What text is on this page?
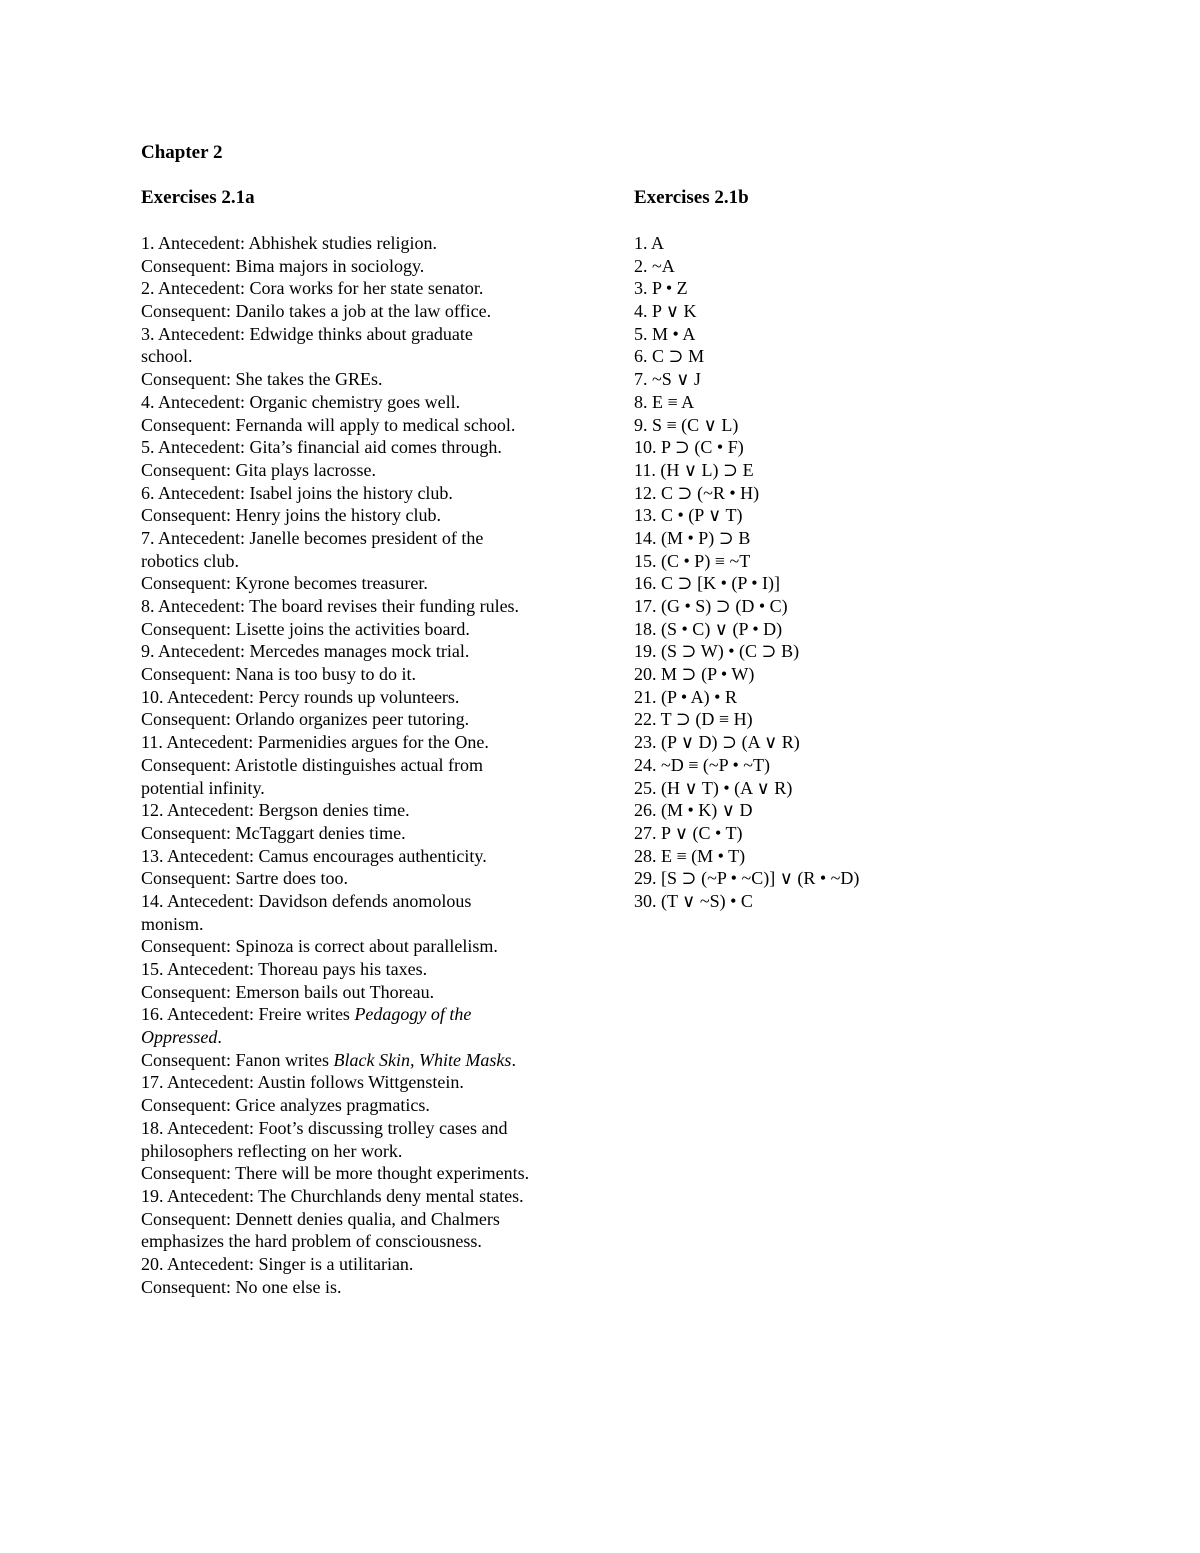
Chapter 2
Exercises 2.1a	Exercises 2.1b
1. Antecedent: Abhishek studies religion.
Consequent: Bima majors in sociology.
2. Antecedent: Cora works for her state senator.
Consequent: Danilo takes a job at the law office.
3. Antecedent: Edwidge thinks about graduate
school.
Consequent: She takes the GREs.
4. Antecedent: Organic chemistry goes well.
Consequent: Fernanda will apply to medical school.
5. Antecedent: Gita’s financial aid comes through.
Consequent: Gita plays lacrosse.
6. Antecedent: Isabel joins the history club.
Consequent: Henry joins the history club.
7. Antecedent: Janelle becomes president of the
robotics club.
Consequent: Kyrone becomes treasurer.
8. Antecedent: The board revises their funding rules.
Consequent: Lisette joins the activities board.
9. Antecedent: Mercedes manages mock trial.
Consequent: Nana is too busy to do it.
10. Antecedent: Percy rounds up volunteers.
Consequent: Orlando organizes peer tutoring.
11. Antecedent: Parmenidies argues for the One.
Consequent: Aristotle distinguishes actual from
potential infinity.
12. Antecedent: Bergson denies time.
Consequent: McTaggart denies time.
13. Antecedent: Camus encourages authenticity.
Consequent: Sartre does too.
14. Antecedent: Davidson defends anomolous
monism.
Consequent: Spinoza is correct about parallelism.
15. Antecedent: Thoreau pays his taxes.
Consequent: Emerson bails out Thoreau.
16. Antecedent: Freire writes Pedagogy of the
Oppressed.
Consequent: Fanon writes Black Skin, White Masks.
17. Antecedent: Austin follows Wittgenstein.
Consequent: Grice analyzes pragmatics.
18. Antecedent: Foot’s discussing trolley cases and
philosophers reflecting on her work.
Consequent: There will be more thought experiments.
19. Antecedent: The Churchlands deny mental states.
Consequent: Dennett denies qualia, and Chalmers
emphasizes the hard problem of consciousness.
20. Antecedent: Singer is a utilitarian.
Consequent: No one else is.
1. A
2. ~A
3. P • Z
4. P ∨ K
5. M • A
6. C ⊃ M
7. ~S ∨ J
8. E ≡ A
9. S ≡ (C ∨ L)
10. P ⊃ (C • F)
11. (H ∨ L) ⊃ E
12. C ⊃ (~R • H)
13. C • (P ∨ T)
14. (M • P) ⊃ B
15. (C • P) ≡ ~T
16. C ⊃ [K • (P • I)]
17. (G • S) ⊃ (D • C)
18. (S • C) ∨ (P • D)
19. (S ⊃ W) • (C ⊃ B)
20. M ⊃ (P • W)
21. (P • A) • R
22. T ⊃ (D ≡ H)
23. (P ∨ D) ⊃ (A ∨ R)
24. ~D ≡ (~P • ~T)
25. (H ∨ T) • (A ∨ R)
26. (M • K) ∨ D
27. P ∨ (C • T)
28. E ≡ (M • T)
29. [S ⊃ (~P • ~C)] ∨ (R • ~D)
30. (T ∨ ~S) • C
